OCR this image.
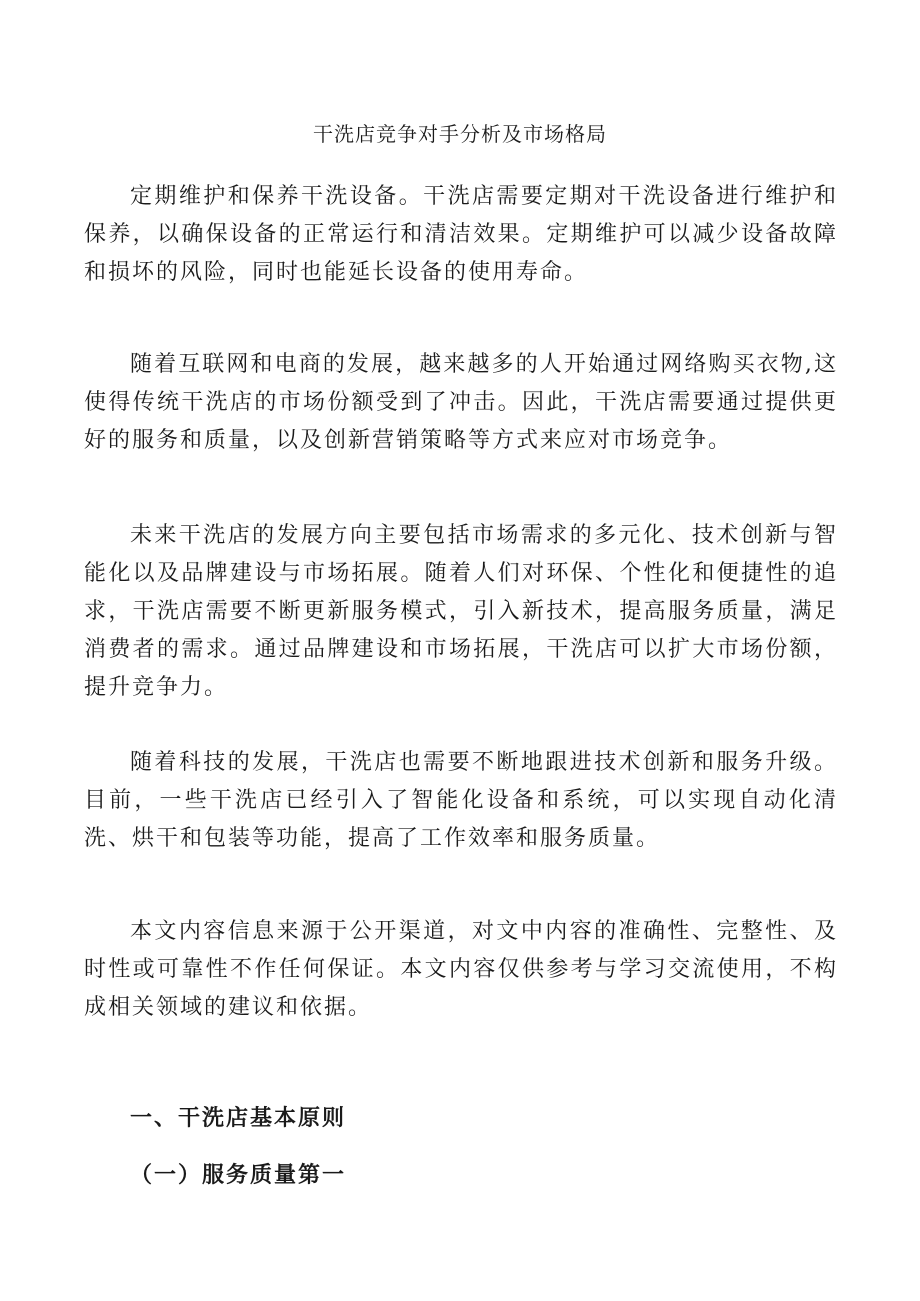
干洗店竞争对手分析及市场格局

定期维护和保养干洗设备。干洗店需要定期对干洗设备进行维护和保养，以确保设备的正常运行和清洁效果。定期维护可以减少设备故障和损坏的风险，同时也能延长设备的使用寿命。

随着互联网和电商的发展，越来越多的人开始通过网络购买衣物,这使得传统干洗店的市场份额受到了冲击。因此，干洗店需要通过提供更好的服务和质量，以及创新营销策略等方式来应对市场竞争。

未来干洗店的发展方向主要包括市场需求的多元化、技术创新与智能化以及品牌建设与市场拓展。随着人们对环保、个性化和便捷性的追求，干洗店需要不断更新服务模式，引入新技术，提高服务质量，满足消费者的需求。通过品牌建设和市场拓展，干洗店可以扩大市场份额，提升竞争力。

随着科技的发展，干洗店也需要不断地跟进技术创新和服务升级。目前，一些干洗店已经引入了智能化设备和系统，可以实现自动化清洗、烘干和包装等功能，提高了工作效率和服务质量。

本文内容信息来源于公开渠道，对文中内容的准确性、完整性、及时性或可靠性不作任何保证。本文内容仅供参考与学习交流使用，不构成相关领域的建议和依据。

一、干洗店基本原则
（一）服务质量第一
